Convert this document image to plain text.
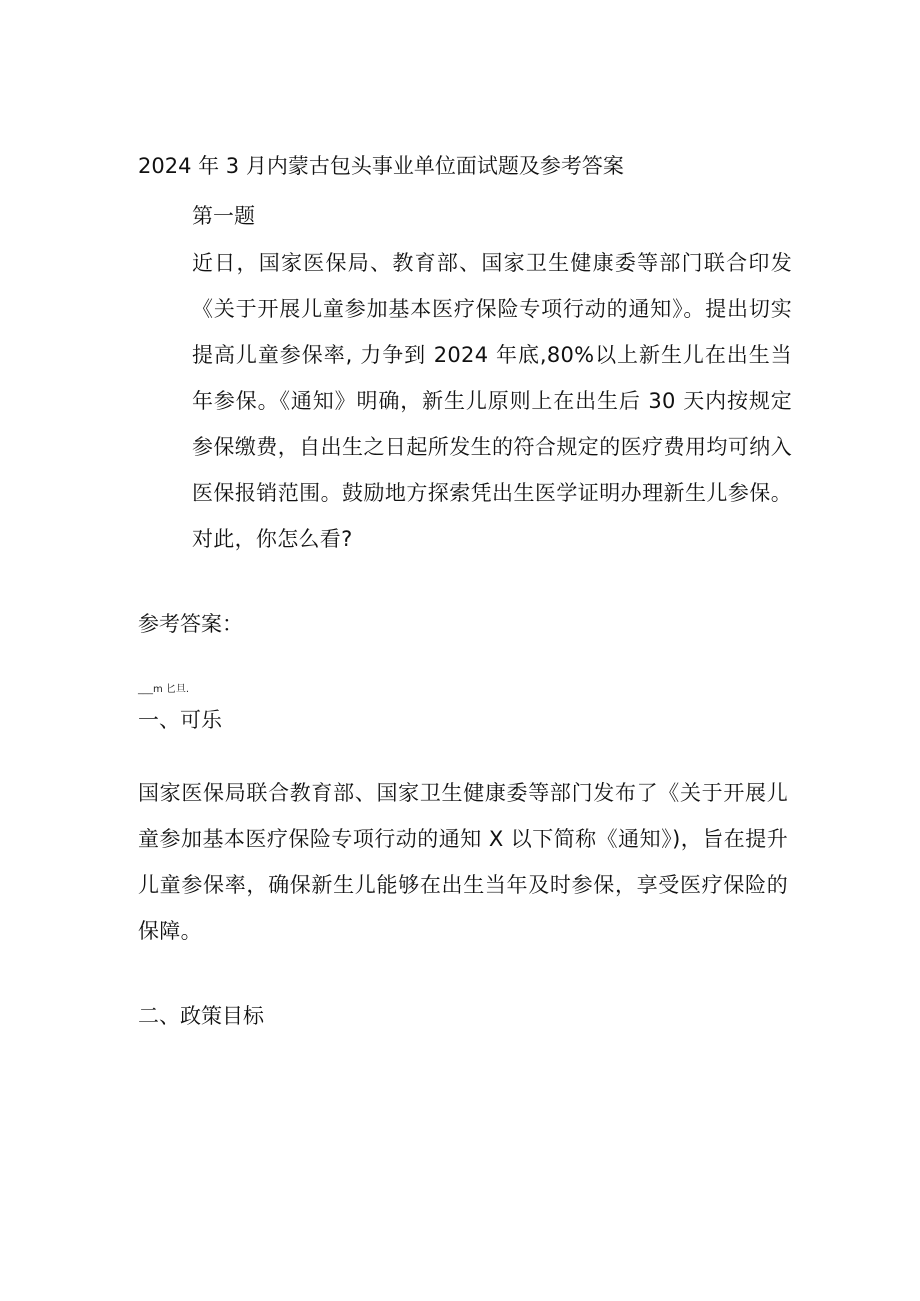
2024 年 3 月内蒙古包头事业单位面试题及参考答案
第一题
近日，国家医保局、教育部、国家卫生健康委等部门联合印发《关于开展儿童参加基本医疗保险专项行动的通知》。提出切实提高儿童参保率, 力争到 2024 年底,80%以上新生儿在出生当年参保。《通知》明确，新生儿原则上在出生后 30 天内按规定参保缴费，自出生之日起所发生的符合规定的医疗费用均可纳入医保报销范围。鼓励地方探索凭出生医学证明办理新生儿参保。对此，你怎么看?
参考答案：
___m 匕旦.
一、可乐
国家医保局联合教育部、国家卫生健康委等部门发布了《关于开展儿童参加基本医疗保险专项行动的通知 X 以下简称《通知》)，旨在提升儿童参保率，确保新生儿能够在出生当年及时参保，享受医疗保险的保障。
二、政策目标
